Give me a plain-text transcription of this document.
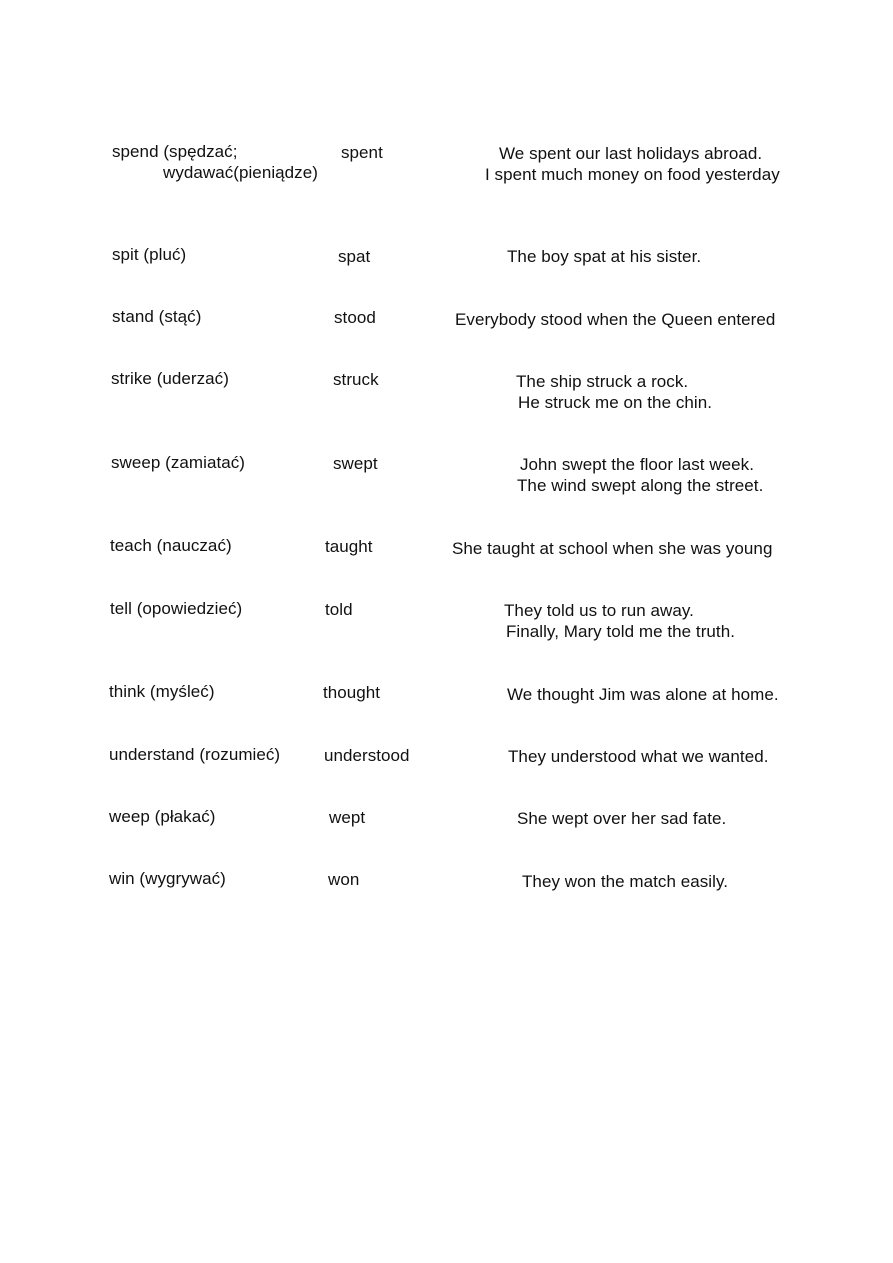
spend (spędzać;
wydawać(pieniądze)
spent	We spent our last holidays abroad.
I spent much money on food yesterday
spit (pluć)	spat	The boy spat at his sister.
stand (stąć)	stood	Everybody stood when the Queen entered
strike (uderzać)	struck	The ship struck a rock.
He struck me on the chin.
sweep (zamiatać)	swept	John swept the floor last week.
The wind swept along the street.
teach (nauczać)	taught	She taught at school when she was young
tell (opowiedzieć)	told	They told us to run away.
Finally, Mary told me the truth.
think (myśleć)	thought	We thought Jim was alone at home.
understand (rozumieć)	understood	They understood what we wanted.
weep (płakać)	wept	She wept over her sad fate.
win (wygrywać)	won	They won the match easily.
